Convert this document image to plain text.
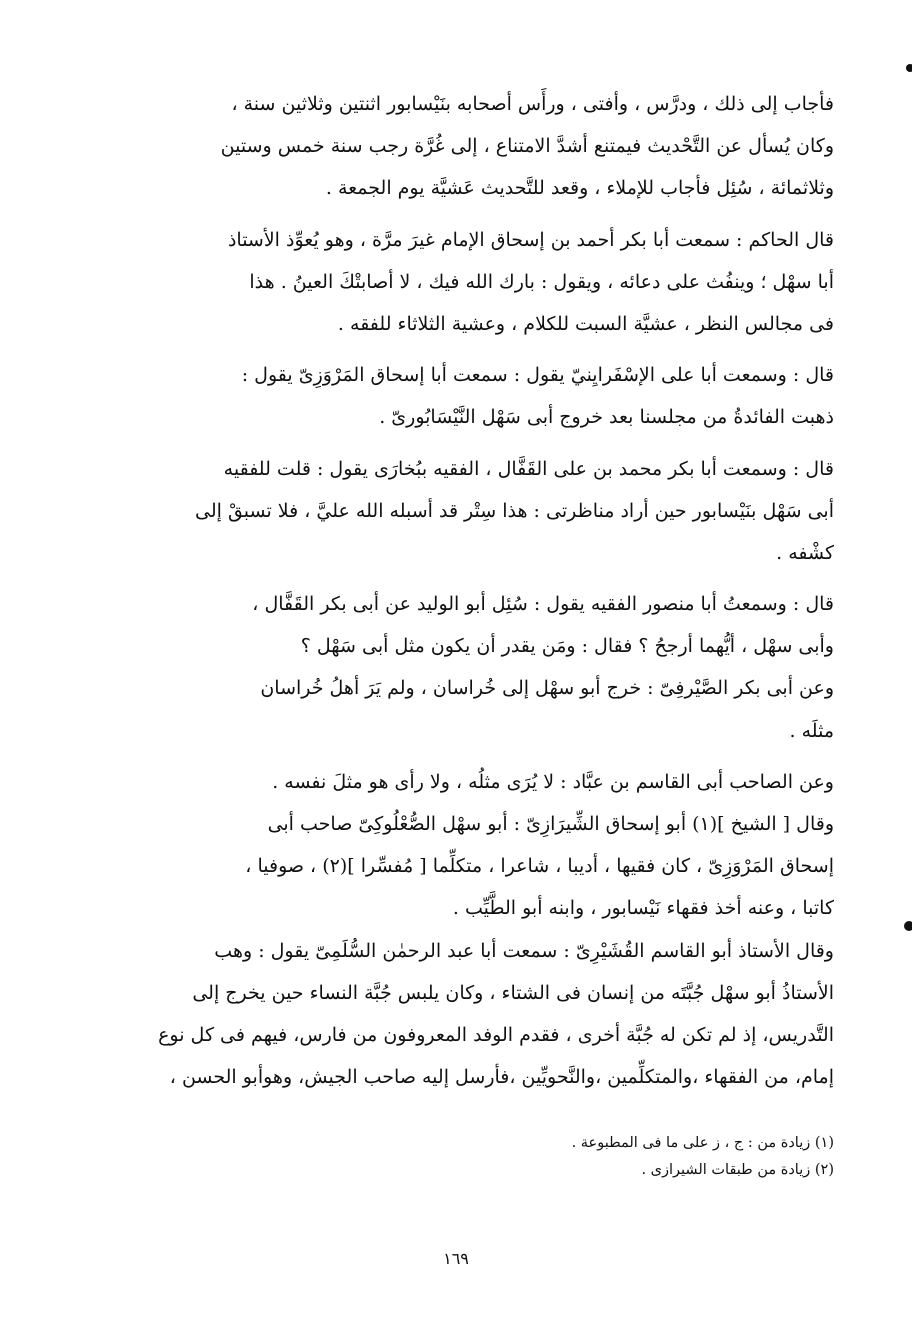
فأجاب إلى ذلك ، ودرَّس ، وأفتى ، ورأَس أصحابه بنَيْسابور اثنتين وثلاثين سنة ،
وكان يُسأل عن التَّحْديث فيمتنع أشدَّ الامتناع ، إلى غُرَّة رجب سنة خمس وستين
وثلاثمائة ، سُئِل فأجاب للإملاء ، وقعد للتَّحديث عَشيَّة يوم الجمعة .
قال الحاكم : سمعت أبا بكر أحمد بن إسحاق الإمام غيرَ مرَّة ، وهو يُعوِّذ الأستاذ
أبا سهْل ؛ وينفُث على دعائه ، ويقول : بارك الله فيك ، لا أصابتْكَ العينُ . هذا
فى مجالس النظر ، عشيَّة السبت للكلام ، وعشية الثلاثاء للفقه .
قال : وسمعت أبا على الإسْفَرايِنيّ يقول : سمعت أبا إسحاق المَرْوَزِىّ يقول :
ذهبت الفائدةُ من مجلسنا بعد خروج أبى سَهْل النَّيْسَابُورىّ .
قال : وسمعت أبا بكر محمد بن على القَفَّال ، الفقيه ببُخارَى يقول : قلت للفقيه
أبى سَهْل بنَيْسابور حين أراد مناظرتى : هذا سِتْر قد أسبله الله عليَّ ، فلا تسبقْ إلى
كشْفه .
قال : وسمعتُ أبا منصور الفقيه يقول : سُئِل أبو الوليد عن أبى بكر القَفَّال ،
وأبى سهْل ، أيُّهما أرجحُ ؟ فقال : ومَن يقدر أن يكون مثل أبى سَهْل ؟
وعن أبى بكر الصَّيْرفِىّ : خرج أبو سهْل إلى خُراسان ، ولم يَرَ أهلُ خُراسان
مثلَه .
وعن الصاحب أبى القاسم بن عبَّاد : لا يُرَى مثلُه ، ولا رأى هو مثلَ نفسه .
وقال [ الشيخ ](١) أبو إسحاق الشِّيرَازِىّ : أبو سهْل الصُّعْلُوكِىّ صاحب أبى
إسحاق المَرْوَزِىّ ، كان فقيها ، أديبا ، شاعرا ، متكلِّما [ مُفسِّرا ](٢) ، صوفيا ،
كاتبا ، وعنه أخذ فقهاء نَيْسابور ، وابنه أبو الطَّيِّب .
وقال الأستاذ أبو القاسم القُشَيْرِىّ : سمعت أبا عبد الرحمٰن السُّلَمِىّ يقول : وهب
الأستاذُ أبو سهْل جُبَّتَه من إنسان فى الشتاء ، وكان يلبس جُبَّة النساء حين يخرج إلى
التَّدريس، إذ لم تكن له جُبَّة أخرى ، فقدم الوفد المعروفون من فارس، فيهم فى كل نوع
إمام، من الفقهاء ،والمتكلِّمين ،والنَّحويِّين ،فأرسل إليه صاحب الجيش، وهوأبو الحسن ،
(١) زيادة من : ج ، ز على ما فى المطبوعة .
(٢) زيادة من طبقات الشيرازى .
١٦٩
